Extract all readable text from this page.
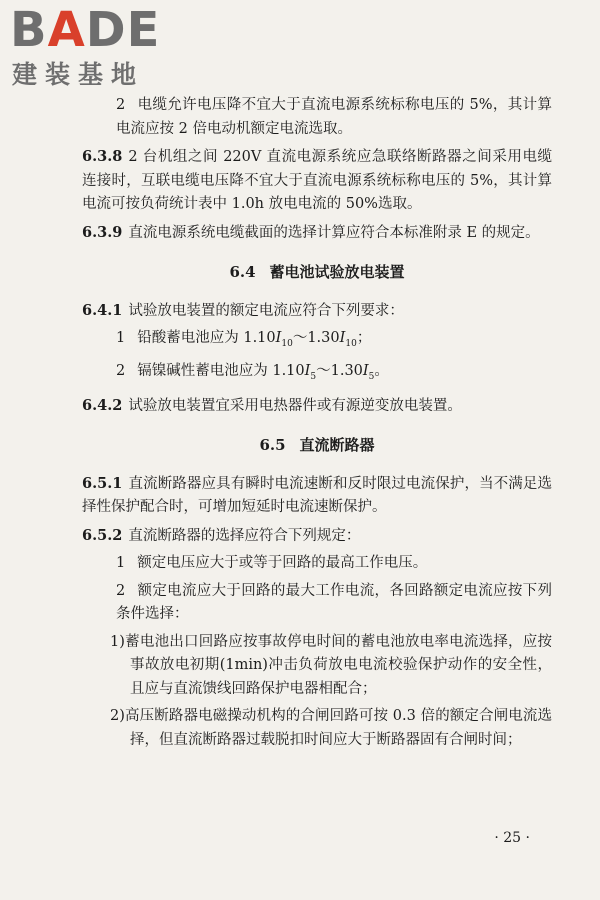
BADE
建装基地

2 电缆允许电压降不宜大于直流电源系统标称电压的 5%，其计算电流应按 2 倍电动机额定电流选取。

6.3.8 2 台机组之间 220V 直流电源系统应急联络断路器之间采用电缆连接时，互联电缆电压降不宜大于直流电源系统标称电压的 5%，其计算电流可按负荷统计表中 1.0h 放电电流的 50%选取。

6.3.9 直流电源系统电缆截面的选择计算应符合本标准附录 E 的规定。

6.4 蓄电池试验放电装置

6.4.1 试验放电装置的额定电流应符合下列要求：

1 铅酸蓄电池应为 $1.10I_{10}\sim 1.30I_{10}$；

2 镉镍碱性蓄电池应为 $1.10I_5\sim 1.30I_5$。

6.4.2 试验放电装置宜采用电热器件或有源逆变放电装置。

6.5 直流断路器

6.5.1 直流断路器应具有瞬时电流速断和反时限过电流保护，当不满足选择性保护配合时，可增加短延时电流速断保护。

6.5.2 直流断路器的选择应符合下列规定：

1 额定电压应大于或等于回路的最高工作电压。

2 额定电流应大于回路的最大工作电流，各回路额定电流应按下列条件选择：

1)蓄电池出口回路应按事故停电时间的蓄电池放电率电流选择，应按事故放电初期(1min)冲击负荷放电电流校验保护动作的安全性，且应与直流馈线回路保护电器相配合；

2)高压断路器电磁操动机构的合闸回路可按 0.3 倍的额定合闸电流选择，但直流断路器过载脱扣时间应大于断路器固有合闸时间；

· 25 ·
